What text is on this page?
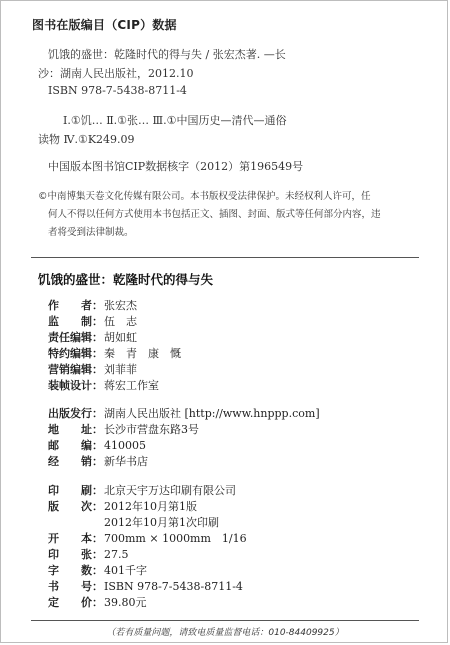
图书在版编目（CIP）数据
饥饿的盛世：乾隆时代的得与失 / 张宏杰著. —长
沙：湖南人民出版社，2012.10
ISBN 978-7-5438-8711-4
Ⅰ.①饥… Ⅱ.①张… Ⅲ.①中国历史—清代—通俗
读物 Ⅳ.①K249.09
中国版本图书馆CIP数据核字（2012）第196549号
©中南博集天卷文化传媒有限公司。本书版权受法律保护。未经权利人许可，任
何人不得以任何方式使用本书包括正文、插图、封面、版式等任何部分内容，违
者将受到法律制裁。
饥饿的盛世：乾隆时代的得与失
作　　者： 张宏杰
监　　制： 伍　志
责任编辑： 胡如虹
特约编辑： 秦　青　康　慨
营销编辑： 刘菲菲
装帧设计： 蒋宏工作室
出版发行： 湖南人民出版社 [http://www.hnppp.com]
地　　址： 长沙市营盘东路3号
邮　　编： 410005
经　　销： 新华书店
印　　刷： 北京天宇万达印刷有限公司
版　　次： 2012年10月第1版
2012年10月第1次印刷
开　　本： 700mm × 1000mm　1/16
印　　张： 27.5
字　　数： 401千字
书　　号： ISBN 978-7-5438-8711-4
定　　价： 39.80元
（若有质量问题，请致电质量监督电话：010-84409925）
